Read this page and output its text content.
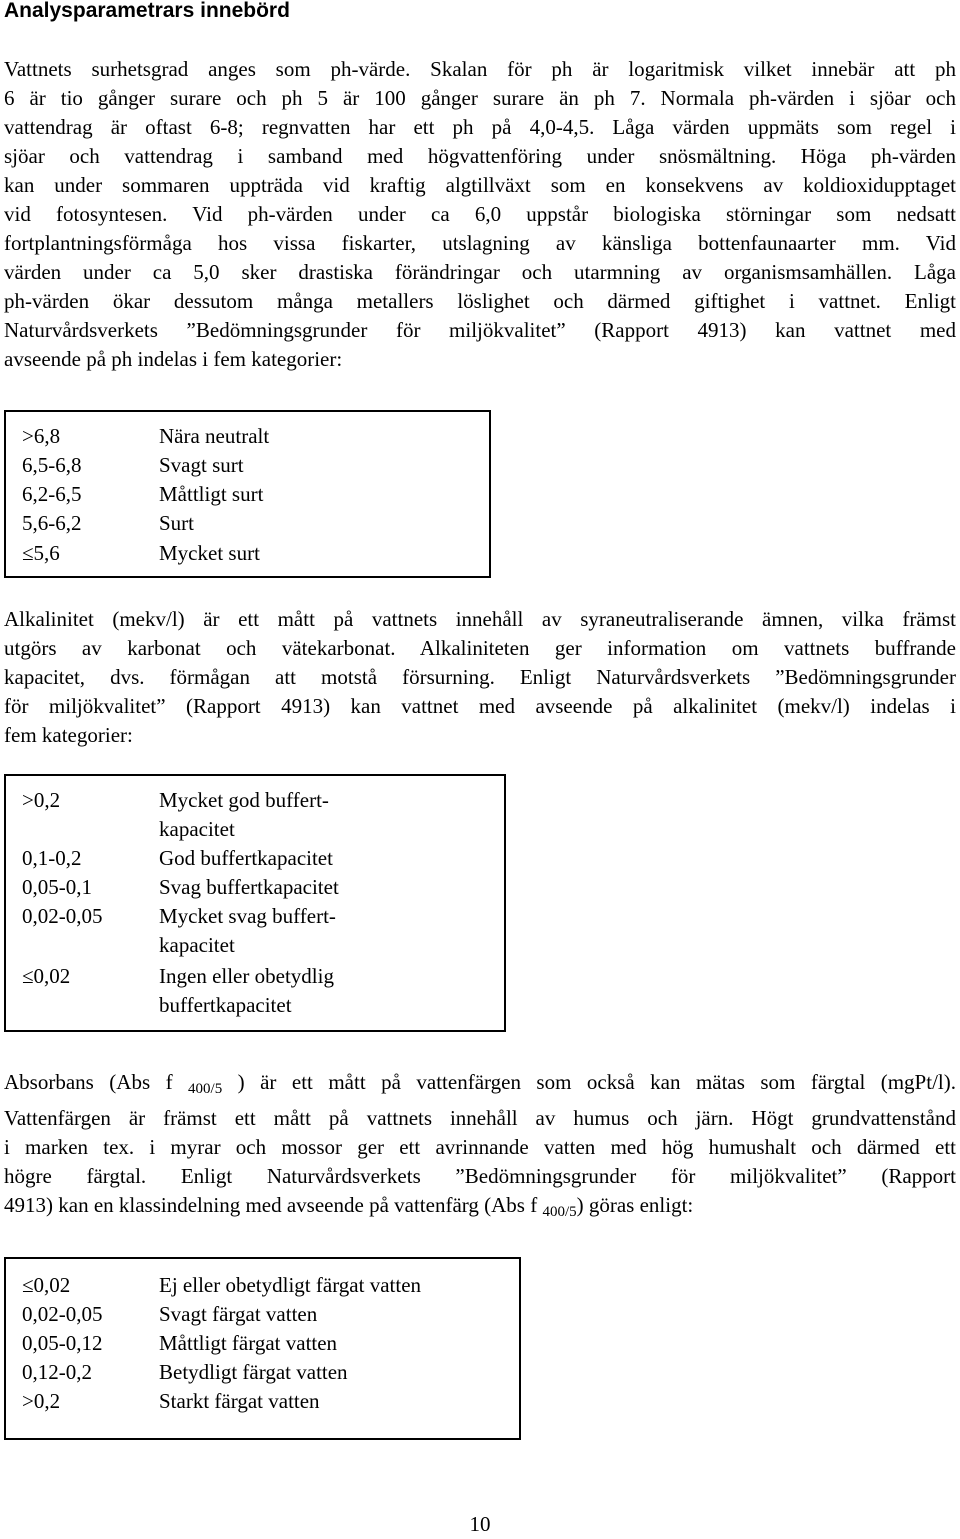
Analysparametrars innebörd
Vattnets surhetsgrad anges som ph-värde. Skalan för ph är logaritmisk vilket innebär att ph
6 är tio gånger surare och ph 5 är 100 gånger surare än ph 7. Normala ph-värden i sjöar och
vattendrag är oftast 6-8; regnvatten har ett ph på 4,0-4,5. Låga värden uppmäts som regel i
sjöar och vattendrag i samband med högvattenföring under snösmältning. Höga ph-värden
kan under sommaren uppträda vid kraftig algtillväxt som en konsekvens av koldioxidupptaget
vid fotosyntesen. Vid ph-värden under ca 6,0 uppstår biologiska störningar som nedsatt
fortplantningsförmåga hos vissa fiskarter, utslagning av känsliga bottenfaunaarter mm. Vid
värden under ca 5,0 sker drastiska förändringar och utarmning av organismsamhällen. Låga
ph-värden ökar dessutom många metallers löslighet och därmed giftighet i vattnet. Enligt
Naturvårdsverkets ”Bedömningsgrunder för miljökvalitet” (Rapport 4913) kan vattnet med
avseende på ph indelas i fem kategorier:
>6,8	Nära neutralt
6,5-6,8	Svagt surt
6,2-6,5	Måttligt surt
5,6-6,2	Surt
≤5,6	Mycket surt
Alkalinitet (mekv/l) är ett mått på vattnets innehåll av syraneutraliserande ämnen, vilka främst
utgörs av karbonat och vätekarbonat. Alkaliniteten ger information om vattnets buffrande
kapacitet, dvs. förmågan att motstå försurning. Enligt Naturvårdsverkets ”Bedömningsgrunder
för miljökvalitet” (Rapport 4913) kan vattnet med avseende på alkalinitet (mekv/l) indelas i
fem kategorier:
>0,2	Mycket god buffert-
kapacitet
0,1-0,2	God buffertkapacitet
0,05-0,1	Svag buffertkapacitet
0,02-0,05	Mycket svag buffert-
kapacitet
≤0,02	Ingen eller obetydlig
buffertkapacitet
Absorbans (Abs f $_{400/5}$ ) är ett mått på vattenfärgen som också kan mätas som färgtal (mgPt/l).
Vattenfärgen är främst ett mått på vattnets innehåll av humus och järn. Högt grundvattenstånd
i marken tex. i myrar och mossor ger ett avrinnande vatten med hög humushalt och därmed ett
högre färgtal. Enligt Naturvårdsverkets ”Bedömningsgrunder för miljökvalitet” (Rapport
4913) kan en klassindelning med avseende på vattenfärg (Abs f $_{400/5}$) göras enligt:
≤0,02	Ej eller obetydligt färgat vatten
0,02-0,05	Svagt färgat vatten
0,05-0,12	Måttligt färgat vatten
0,12-0,2	Betydligt färgat vatten
>0,2	Starkt färgat vatten
10
